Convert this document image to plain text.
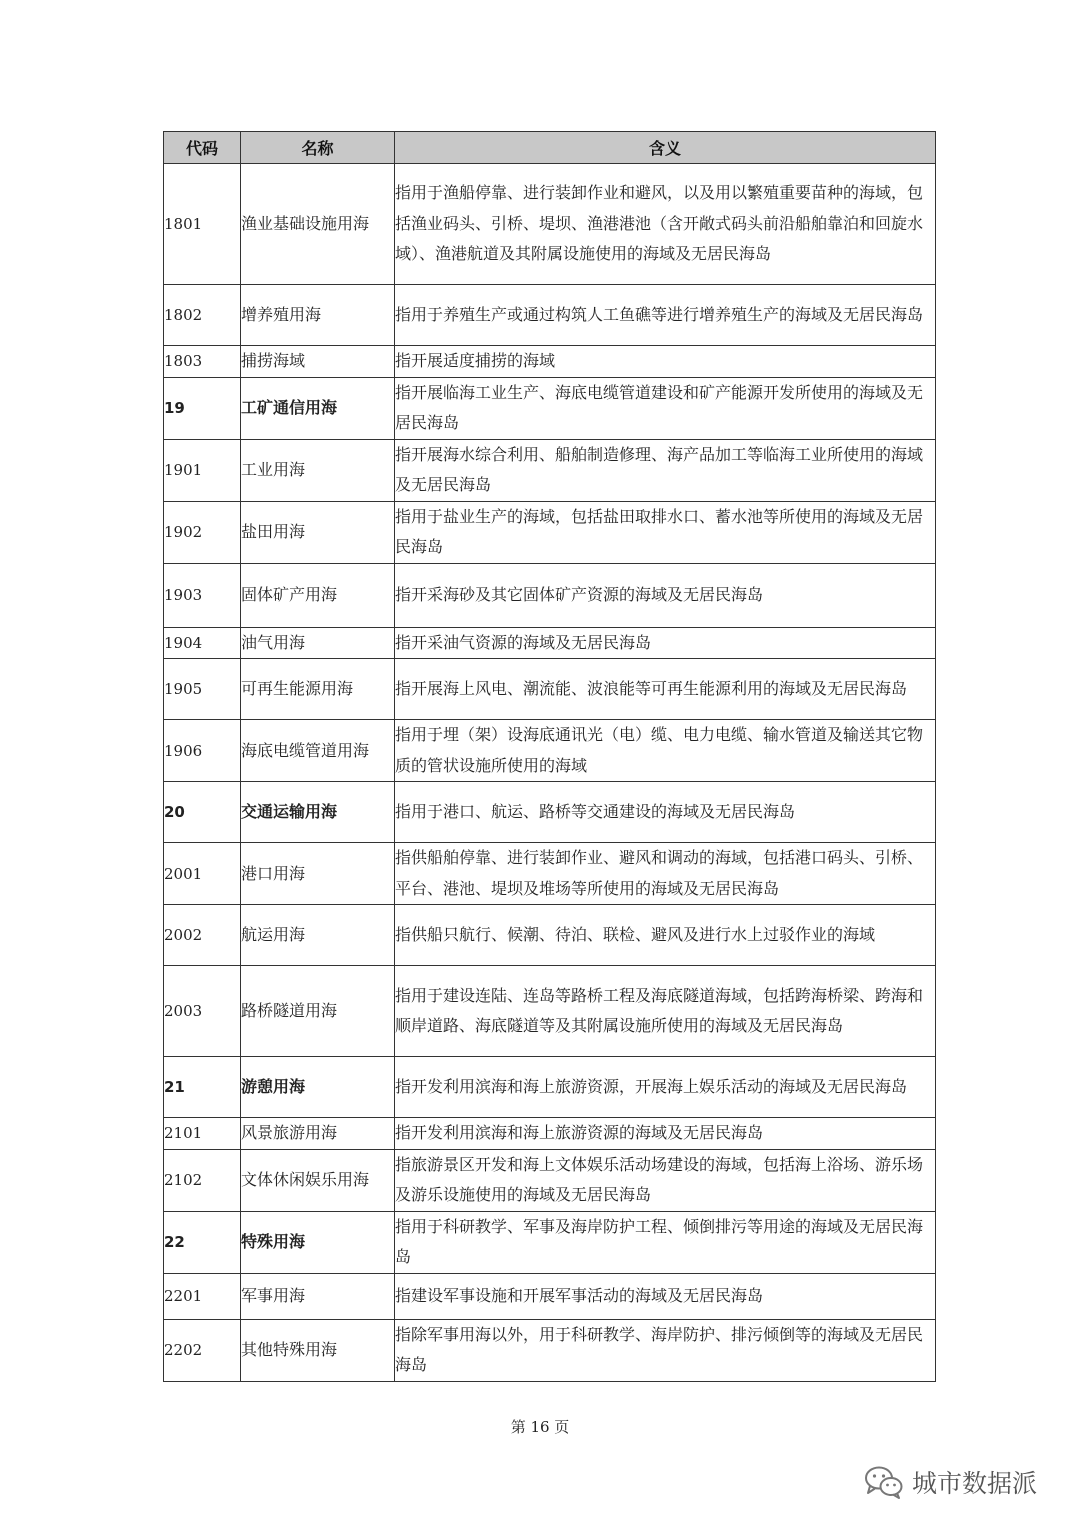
代码	名称	含义
1801	渔业基础设施用海	指用于渔船停靠、进行装卸作业和避风，以及用以繁殖重要苗种的海域，包括渔业码头、引桥、堤坝、渔港港池（含开敞式码头前沿船舶靠泊和回旋水域）、渔港航道及其附属设施使用的海域及无居民海岛
1802	增养殖用海	指用于养殖生产或通过构筑人工鱼礁等进行增养殖生产的海域及无居民海岛
1803	捕捞海域	指开展适度捕捞的海域
19	工矿通信用海	指开展临海工业生产、海底电缆管道建设和矿产能源开发所使用的海域及无居民海岛
1901	工业用海	指开展海水综合利用、船舶制造修理、海产品加工等临海工业所使用的海域及无居民海岛
1902	盐田用海	指用于盐业生产的海域，包括盐田取排水口、蓄水池等所使用的海域及无居民海岛
1903	固体矿产用海	指开采海砂及其它固体矿产资源的海域及无居民海岛
1904	油气用海	指开采油气资源的海域及无居民海岛
1905	可再生能源用海	指开展海上风电、潮流能、波浪能等可再生能源利用的海域及无居民海岛
1906	海底电缆管道用海	指用于埋（架）设海底通讯光（电）缆、电力电缆、输水管道及输送其它物质的管状设施所使用的海域
20	交通运输用海	指用于港口、航运、路桥等交通建设的海域及无居民海岛
2001	港口用海	指供船舶停靠、进行装卸作业、避风和调动的海域，包括港口码头、引桥、平台、港池、堤坝及堆场等所使用的海域及无居民海岛
2002	航运用海	指供船只航行、候潮、待泊、联检、避风及进行水上过驳作业的海域
2003	路桥隧道用海	指用于建设连陆、连岛等路桥工程及海底隧道海域，包括跨海桥梁、跨海和顺岸道路、海底隧道等及其附属设施所使用的海域及无居民海岛
21	游憩用海	指开发利用滨海和海上旅游资源，开展海上娱乐活动的海域及无居民海岛
2101	风景旅游用海	指开发利用滨海和海上旅游资源的海域及无居民海岛
2102	文体休闲娱乐用海	指旅游景区开发和海上文体娱乐活动场建设的海域，包括海上浴场、游乐场及游乐设施使用的海域及无居民海岛
22	特殊用海	指用于科研教学、军事及海岸防护工程、倾倒排污等用途的海域及无居民海岛
2201	军事用海	指建设军事设施和开展军事活动的海域及无居民海岛
2202	其他特殊用海	指除军事用海以外，用于科研教学、海岸防护、排污倾倒等的海域及无居民海岛
第 16 页
城市数据派
